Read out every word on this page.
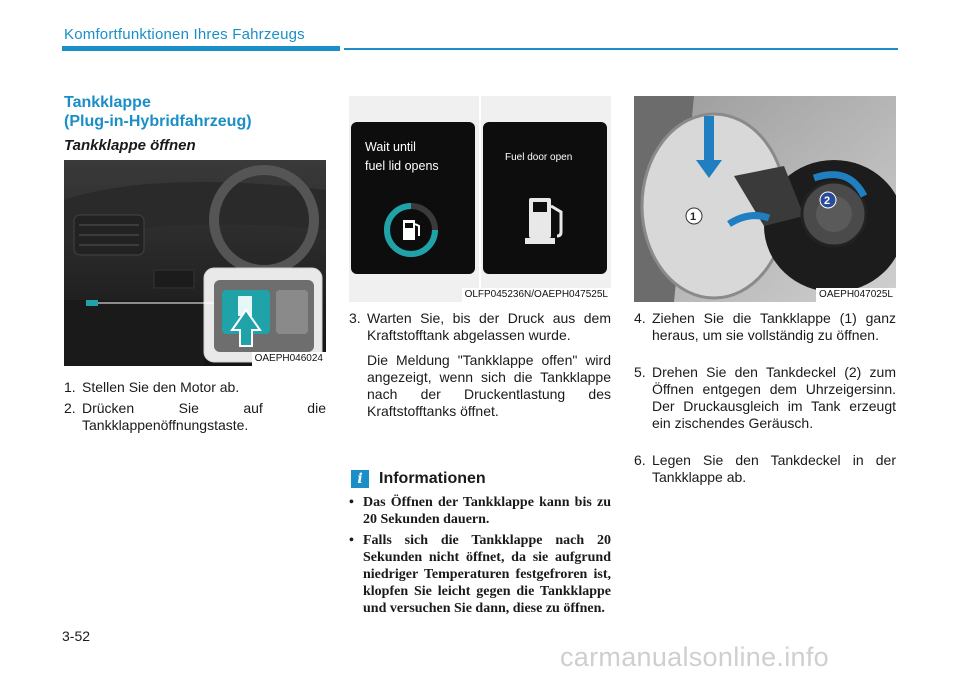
Komfortfunktionen Ihres Fahrzeugs
Tankklappe
(Plug-in-Hybridfahrzeug)
Tankklappe öffnen
OAEPH046024
Wait until
fuel lid opens
Fuel door open
OLFP045236N/OAEPH047525L
1
2
OAEPH047025L
1. Stellen Sie den Motor ab.
2. Drücken Sie auf die Tankklappenöffnungstaste.
3. Warten Sie, bis der Druck aus dem Kraftstofftank abgelassen wurde.
Die Meldung "Tankklappe offen" wird angezeigt, wenn sich die Tankklappe nach der Druckentlastung des Kraftstofftanks öffnet.
i	Informationen
• Das Öffnen der Tankklappe kann bis zu 20 Sekunden dauern.
• Falls sich die Tankklappe nach 20 Sekunden nicht öffnet, da sie aufgrund niedriger Temperaturen festgefroren ist, klopfen Sie leicht gegen die Tankklappe und versuchen Sie dann, diese zu öffnen.
4. Ziehen Sie die Tankklappe (1) ganz heraus, um sie vollständig zu öffnen.
5. Drehen Sie den Tankdeckel (2) zum Öffnen entgegen dem Uhrzeigersinn. Der Druckausgleich im Tank erzeugt ein zischendes Geräusch.
6. Legen Sie den Tankdeckel in der Tankklappe ab.
3-52
carmanualsonline.info
